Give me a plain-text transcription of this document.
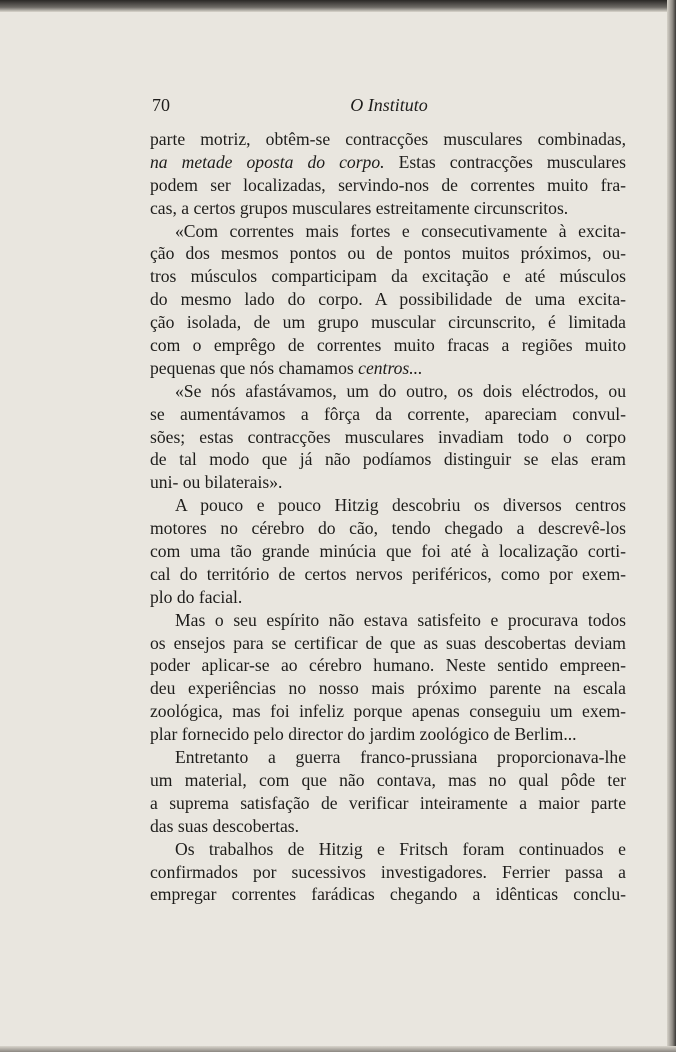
70	O Instituto
parte motriz, obtêm-se contracções musculares combinadas,
na metade oposta do corpo. Estas contracções musculares
podem ser localizadas, servindo-nos de correntes muito fra-
cas, a certos grupos musculares estreitamente circunscritos.
«Com correntes mais fortes e consecutivamente à excita-
ção dos mesmos pontos ou de pontos muitos próximos, ou-
tros músculos comparticipam da excitação e até músculos
do mesmo lado do corpo. A possibilidade de uma excita-
ção isolada, de um grupo muscular circunscrito, é limitada
com o emprêgo de correntes muito fracas a regiões muito
pequenas que nós chamamos centros...
«Se nós afastávamos, um do outro, os dois eléctrodos, ou
se aumentávamos a fôrça da corrente, apareciam convul-
sões; estas contracções musculares invadiam todo o corpo
de tal modo que já não podíamos distinguir se elas eram
uni- ou bilaterais».
A pouco e pouco Hitzig descobriu os diversos centros
motores no cérebro do cão, tendo chegado a descrevê-los
com uma tão grande minúcia que foi até à localização corti-
cal do território de certos nervos periféricos, como por exem-
plo do facial.
Mas o seu espírito não estava satisfeito e procurava todos
os ensejos para se certificar de que as suas descobertas deviam
poder aplicar-se ao cérebro humano. Neste sentido empreen-
deu experiências no nosso mais próximo parente na escala
zoológica, mas foi infeliz porque apenas conseguiu um exem-
plar fornecido pelo director do jardim zoológico de Berlim...
Entretanto a guerra franco-prussiana proporcionava-lhe
um material, com que não contava, mas no qual pôde ter
a suprema satisfação de verificar inteiramente a maior parte
das suas descobertas.
Os trabalhos de Hitzig e Fritsch foram continuados e
confirmados por sucessivos investigadores. Ferrier passa a
empregar correntes farádicas chegando a idênticas conclu-
